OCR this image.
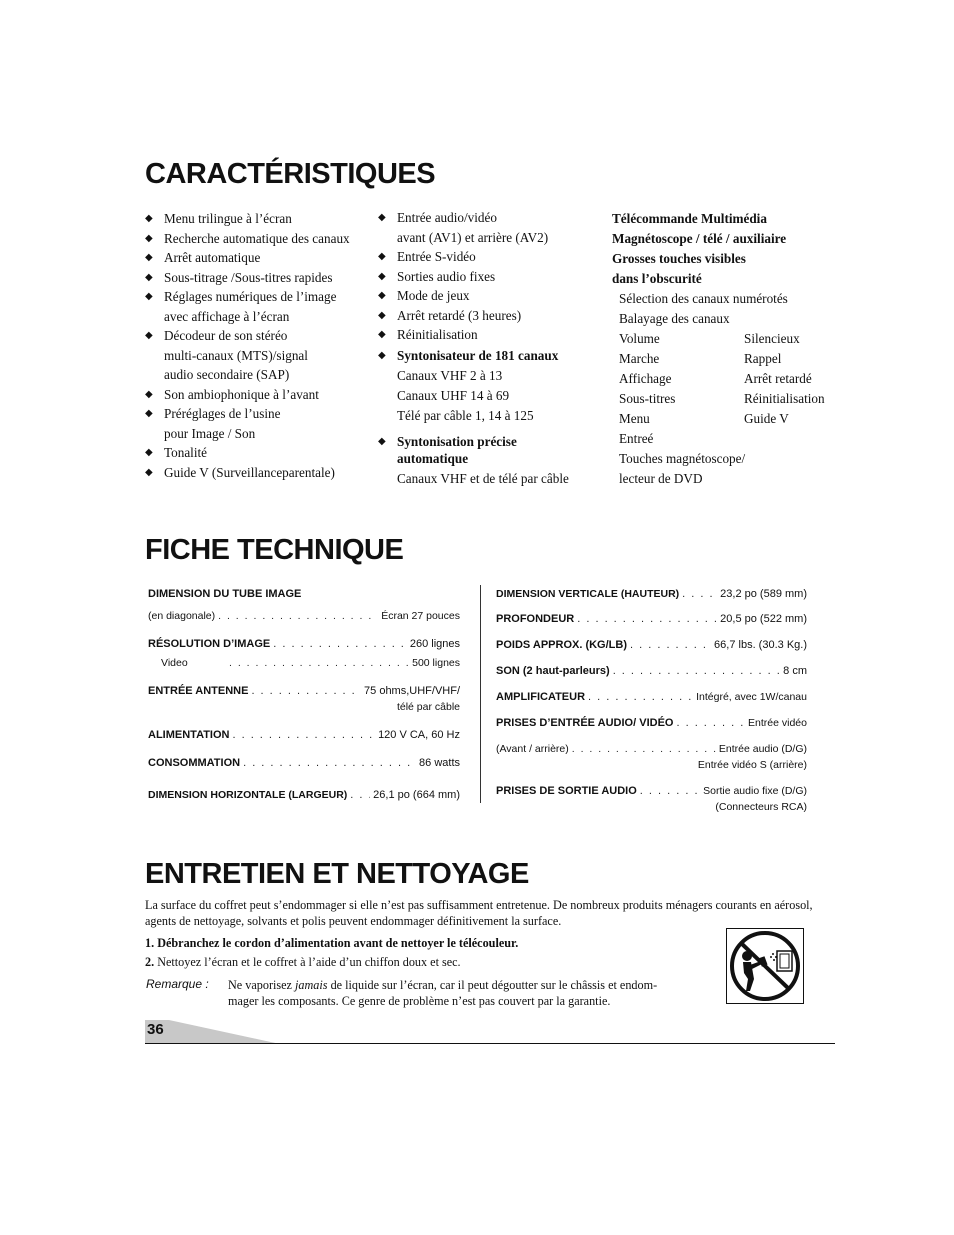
CARACTÉRISTIQUES
◆ Menu trilingue à l’écran
◆ Recherche automatique des canaux
◆ Arrêt automatique
◆ Sous-titrage /Sous-titres rapides
◆ Réglages numériques de l’image
avec affichage à l’écran
◆ Décodeur de son stéréo
multi-canaux (MTS)/signal
audio secondaire (SAP)
◆ Son ambiophonique à l’avant
◆ Préréglages de l’usine
pour Image / Son
◆ Tonalité
◆ Guide V (Surveillanceparentale)
◆ Entrée audio/vidéo
avant (AV1) et arrière (AV2)
◆ Entrée S-vidéo
◆ Sorties audio fixes
◆ Mode de jeux
◆ Arrêt retardé (3 heures)
◆ Réinitialisation
◆ Syntonisateur de 181 canaux
Canaux VHF 2 à 13
Canaux UHF 14 à 69
Télé par câble 1, 14 à 125
◆ Syntonisation précise
automatique
Canaux VHF et de télé par câble
Télécommande Multimédia
Magnétoscope / télé / auxiliaire
Grosses touches visibles
dans l’obscurité
Sélection des canaux numérotés
Balayage des canaux
Volume	Silencieux
Marche	Rappel
Affichage	Arrêt retardé
Sous-titres	Réinitialisation
Menu	Guide V
Entreé
Touches magnétoscope/
lecteur de DVD
FICHE TECHNIQUE
DIMENSION DU TUBE IMAGE
(en diagonale) . . .	Écran 27 pouces
RÉSOLUTION D’IMAGE . . .	260 lignes
Video . . .	500 lignes
ENTRÉE ANTENNE . . .	75 ohms,UHF/VHF/
télé par câble
ALIMENTATION . . .	120 V CA, 60 Hz
CONSOMMATION . . .	86 watts
DIMENSION HORIZONTALE (LARGEUR) . . . 26,1 po (664 mm)
DIMENSION VERTICALE (HAUTEUR) . . .	23,2 po (589 mm)
PROFONDEUR . . .	20,5 po (522 mm)
POIDS APPROX. (KG/LB) . . .	66,7 lbs. (30.3 Kg.)
SON (2 haut-parleurs) . . .	8 cm
AMPLIFICATEUR . . .	Intégré, avec 1W/canau
PRISES D’ENTRÉE AUDIO/ VIDÉO . . .	Entrée vidéo
(Avant / arrière) . . .	Entrée audio (D/G)
Entrée vidéo S (arrière)
PRISES DE SORTIE AUDIO . . .	Sortie audio fixe (D/G)
(Connecteurs RCA)
ENTRETIEN ET NETTOYAGE
La surface du coffret peut s’endommager si elle n’est pas suffisamment entretenue. De nombreux produits ménagers courants en aérosol, agents de nettoyage, solvants et polis peuvent endommager définitivement la surface.
1. Débranchez le cordon d’alimentation avant de nettoyer le télécouleur.
2. Nettoyez l’écran et le coffret à l’aide d’un chiffon doux et sec.
Remarque : Ne vaporisez jamais de liquide sur l’écran, car il peut dégoutter sur le châssis et endom-
mager les composants. Ce genre de problème n’est pas couvert par la garantie.
36
